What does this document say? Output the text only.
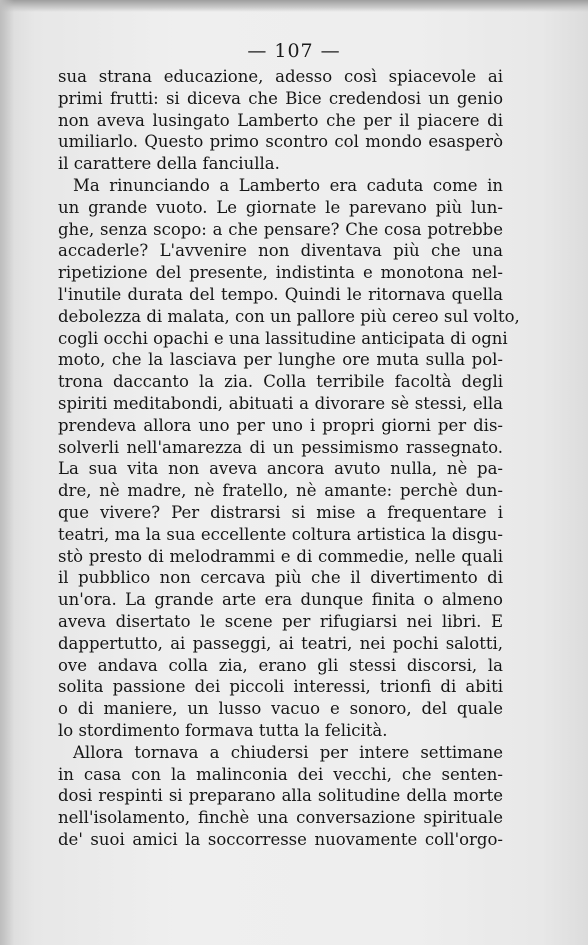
— 107 —
sua strana educazione, adesso così spiacevole ai
primi frutti: si diceva che Bice credendosi un genio
non aveva lusingato Lamberto che per il piacere di
umiliarlo. Questo primo scontro col mondo esasperò
il carattere della fanciulla.
Ma rinunciando a Lamberto era caduta come in
un grande vuoto. Le giornate le parevano più lun-
ghe, senza scopo: a che pensare? Che cosa potrebbe
accaderle? L'avvenire non diventava più che una
ripetizione del presente, indistinta e monotona nel-
l'inutile durata del tempo. Quindi le ritornava quella
debolezza di malata, con un pallore più cereo sul volto,
cogli occhi opachi e una lassitudine anticipata di ogni
moto, che la lasciava per lunghe ore muta sulla pol-
trona daccanto la zia. Colla terribile facoltà degli
spiriti meditabondi, abituati a divorare sè stessi, ella
prendeva allora uno per uno i propri giorni per dis-
solverli nell'amarezza di un pessimismo rassegnato.
La sua vita non aveva ancora avuto nulla, nè pa-
dre, nè madre, nè fratello, nè amante: perchè dun-
que vivere? Per distrarsi si mise a frequentare i
teatri, ma la sua eccellente coltura artistica la disgu-
stò presto di melodrammi e di commedie, nelle quali
il pubblico non cercava più che il divertimento di
un'ora. La grande arte era dunque finita o almeno
aveva disertato le scene per rifugiarsi nei libri. E
dappertutto, ai passeggi, ai teatri, nei pochi salotti,
ove andava colla zia, erano gli stessi discorsi, la
solita passione dei piccoli interessi, trionfi di abiti
o di maniere, un lusso vacuo e sonoro, del quale
lo stordimento formava tutta la felicità.
Allora tornava a chiudersi per intere settimane
in casa con la malinconia dei vecchi, che senten-
dosi respinti si preparano alla solitudine della morte
nell'isolamento, finchè una conversazione spirituale
de' suoi amici la soccorresse nuovamente coll'orgo-
